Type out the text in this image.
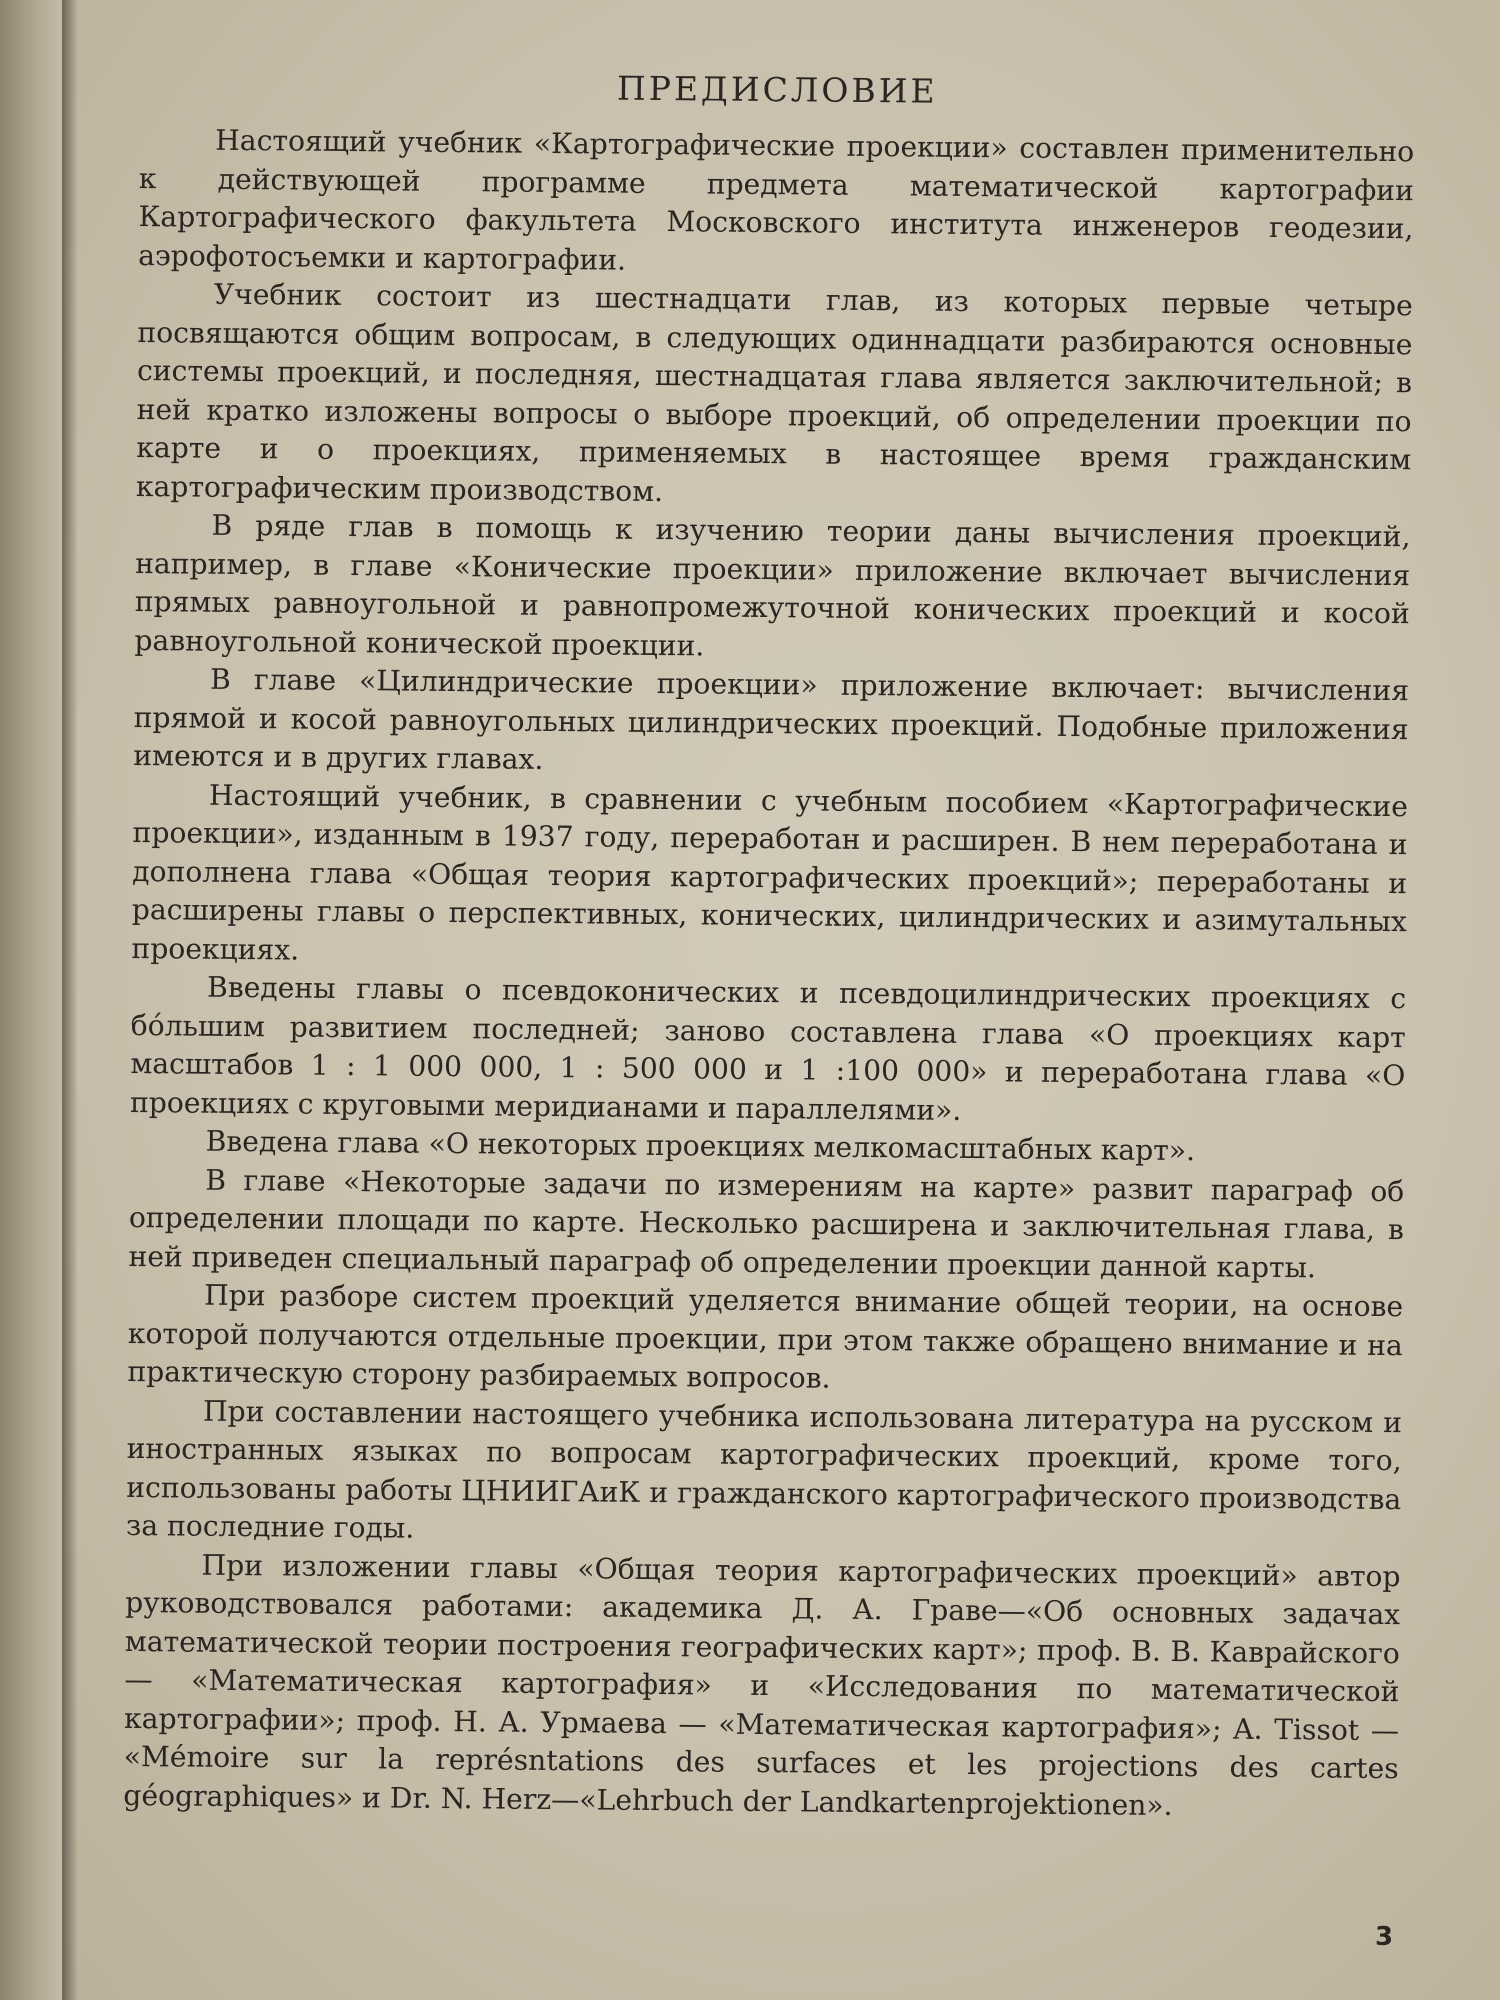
ПРЕДИСЛОВИЕ

Настоящий учебник «Картографические проекции» составлен применительно к действующей программе предмета математической картографии Картографического факультета Московского института инженеров геодезии, аэрофотосъемки и картографии.

Учебник состоит из шестнадцати глав, из которых первые четыре посвящаются общим вопросам, в следующих одиннадцати разбираются основные системы проекций, и последняя, шестнадцатая глава является заключительной; в ней кратко изложены вопросы о выборе проекций, об определении проекции по карте и о проекциях, применяемых в настоящее время гражданским картографическим производством.

В ряде глав в помощь к изучению теории даны вычисления проекций, например, в главе «Конические проекции» приложение включает вычисления прямых равноугольной и равнопромежуточной конических проекций и косой равноугольной конической проекции.

В главе «Цилиндрические проекции» приложение включает: вычисления прямой и косой равноугольных цилиндрических проекций. Подобные приложения имеются и в других главах.

Настоящий учебник, в сравнении с учебным пособием «Картографические проекции», изданным в 1937 году, переработан и расширен. В нем переработана и дополнена глава «Общая теория картографических проекций»; переработаны и расширены главы о перспективных, конических, цилиндрических и азимутальных проекциях.

Введены главы о псевдоконических и псевдоцилиндрических проекциях с бо́льшим развитием последней; заново составлена глава «О проекциях карт масштабов 1 : 1 000 000, 1 : 500 000 и 1 :100 000» и переработана глава «О проекциях с круговыми меридианами и параллелями».

Введена глава «О некоторых проекциях мелкомасштабных карт».

В главе «Некоторые задачи по измерениям на карте» развит параграф об определении площади по карте. Несколько расширена и заключительная глава, в ней приведен специальный параграф об определении проекции данной карты.

При разборе систем проекций уделяется внимание общей теории, на основе которой получаются отдельные проекции, при этом также обращено внимание и на практическую сторону разбираемых вопросов.

При составлении настоящего учебника использована литература на русском и иностранных языках по вопросам картографических проекций, кроме того, использованы работы ЦНИИГАиК и гражданского картографического производства за последние годы.

При изложении главы «Общая теория картографических проекций» автор руководствовался работами: академика Д. А. Граве—«Об основных задачах математической теории построения географических карт»; проф. В. В. Каврайского — «Математическая картография» и «Исследования по математической картографии»; проф. Н. А. Урмаева — «Математическая картография»; A. Tissot — «Mémoire sur la représntations des surfaces et les projections des cartes géographiques» и Dr. N. Herz—«Lehrbuch der Landkartenprojektionen».

3
